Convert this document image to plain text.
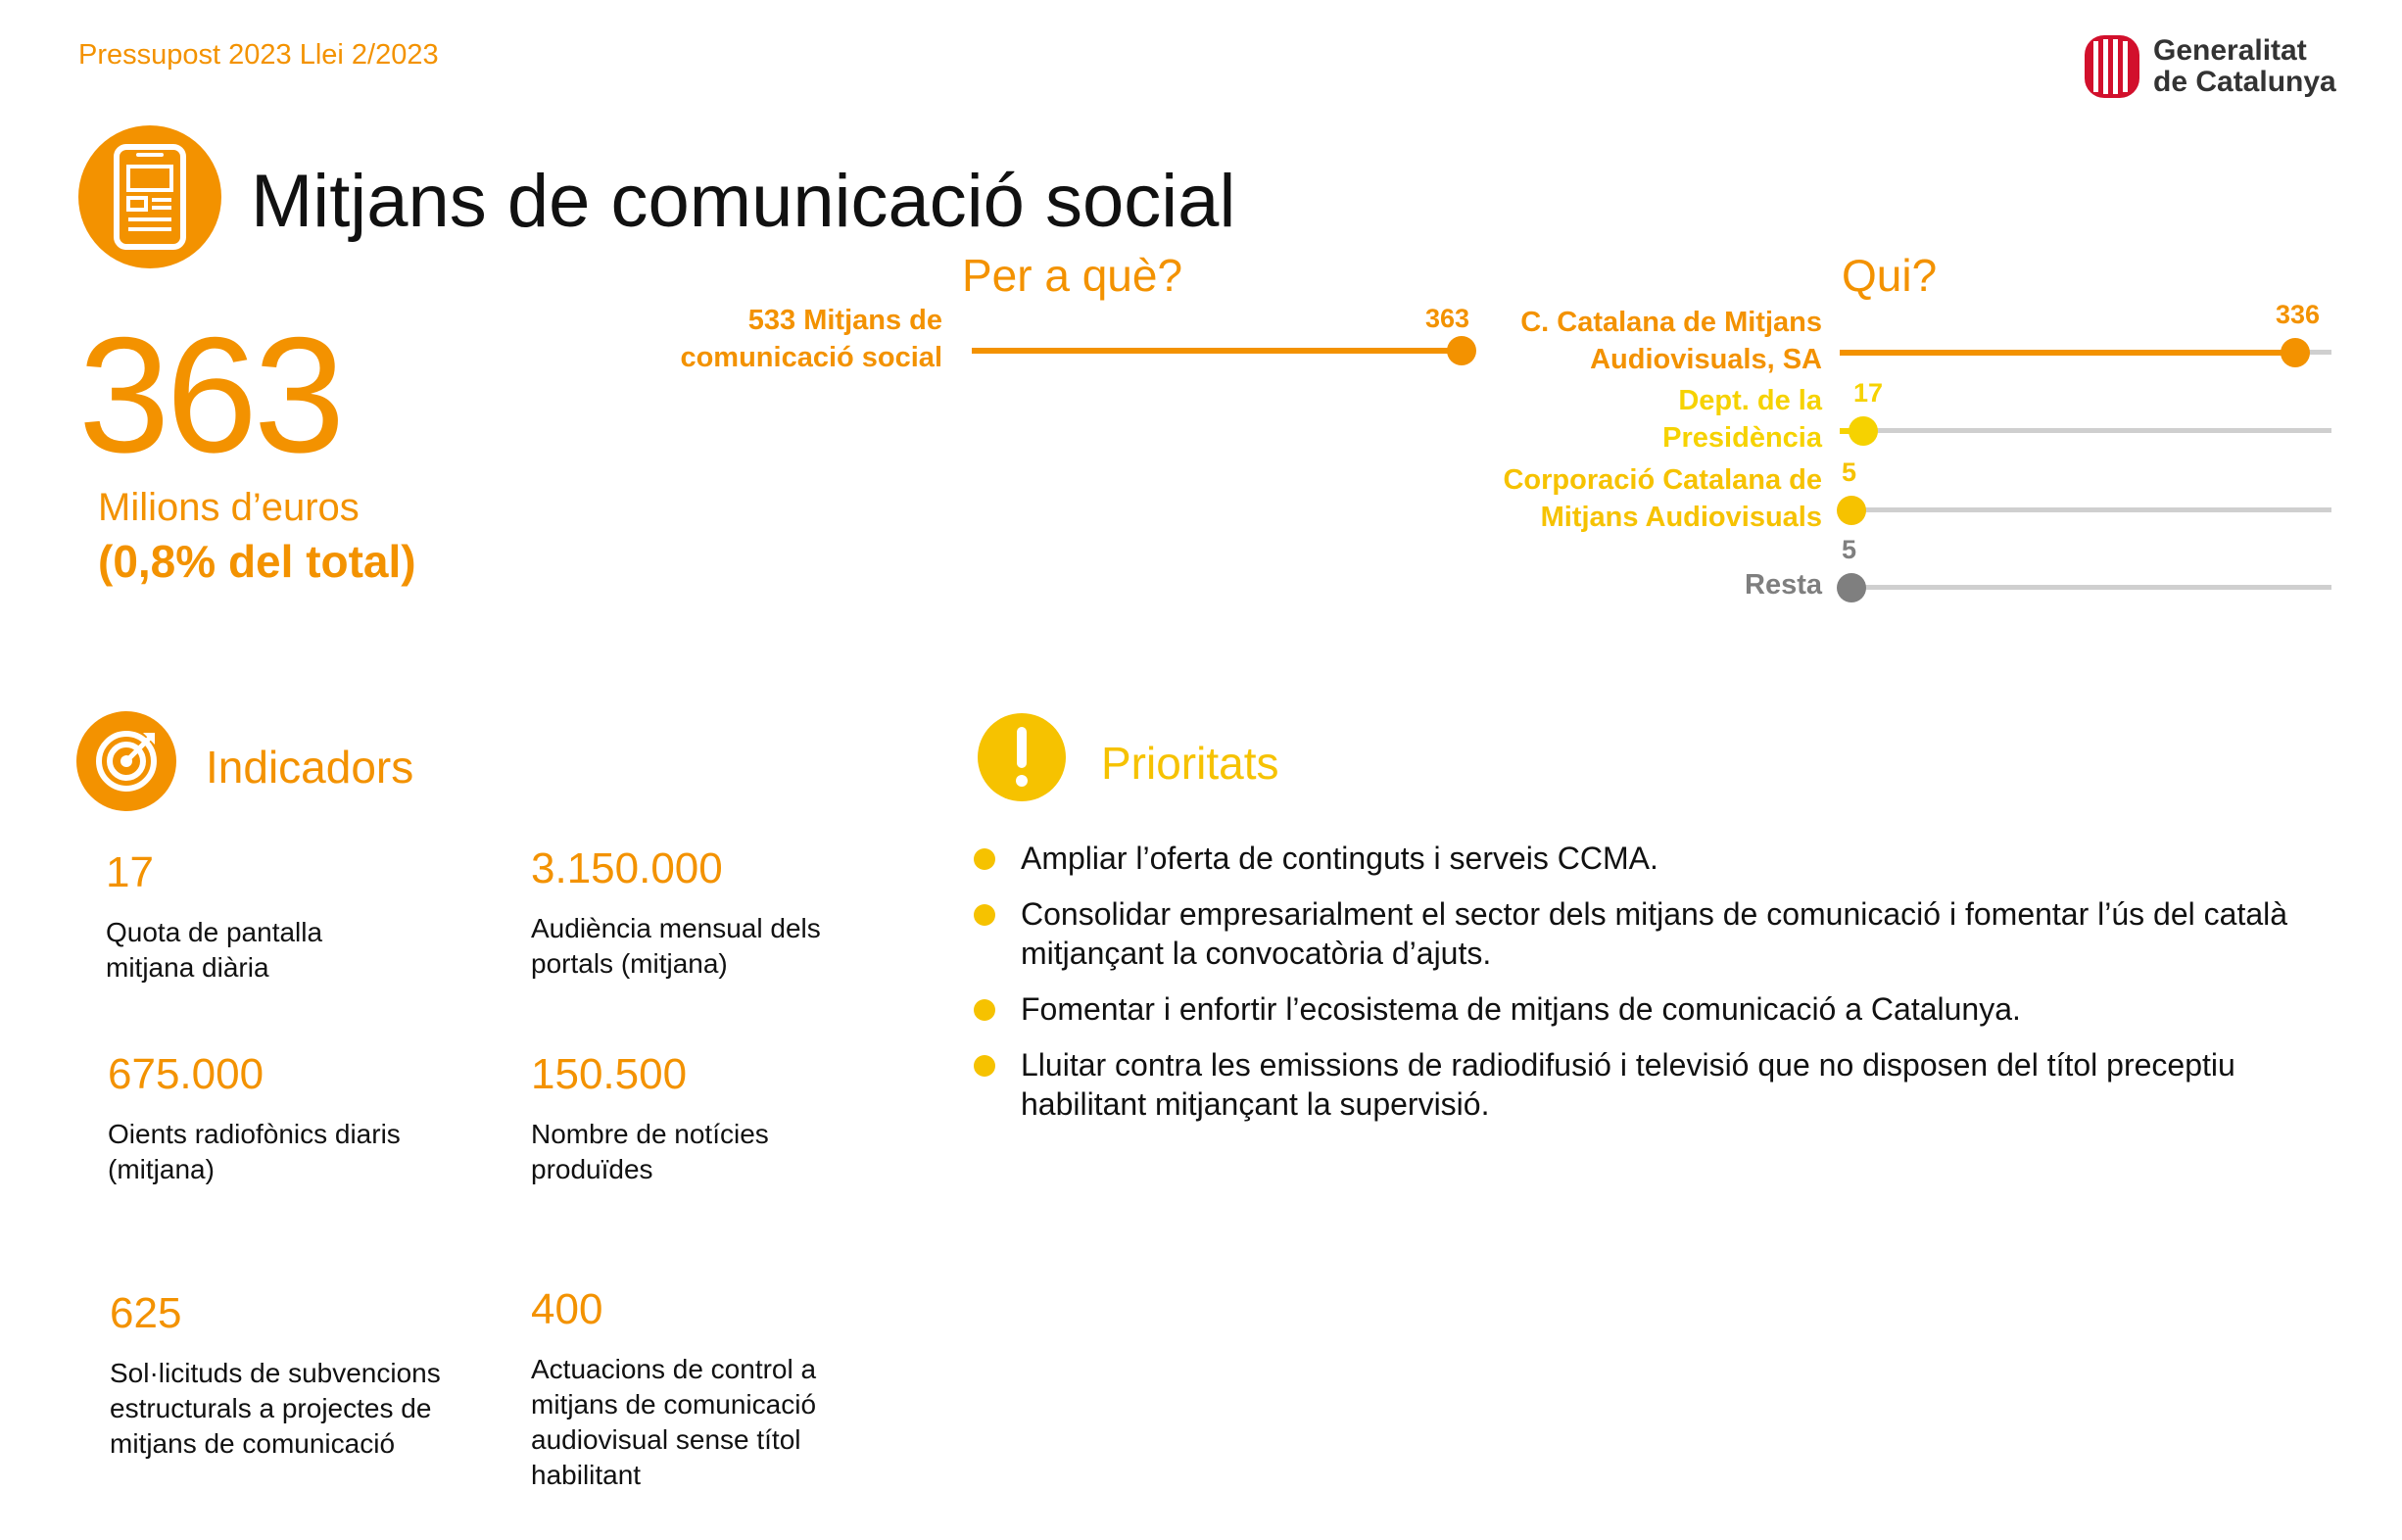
Pressupost 2023 Llei 2/2023	Generalitat
de Catalunya
Mitjans de comunicació social
363
Milions d’euros
(0,8% del total)
Per a què?	Qui?
533 Mitjans de
comunicació social
363	C. Catalana de Mitjans
Audiovisuals, SA
336
Dept. de la
Presidència
17
Corporació Catalana de
Mitjans Audiovisuals
5
Resta
5
Indicadors
17
Quota de pantalla mitjana diària
3.150.000
Audiència mensual dels portals (mitjana)
675.000
Oients radiofònics diaris (mitjana)
150.500
Nombre de notícies produïdes
625
Sol·licituds de subvencions estructurals a projectes de mitjans de comunicació
400
Actuacions de control a mitjans de comunicació audiovisual sense títol habilitant
Prioritats
Ampliar l’oferta de continguts i serveis CCMA.
Consolidar empresarialment el sector dels mitjans de comunicació i fomentar l’ús del català mitjançant la convocatòria d’ajuts.
Fomentar i enfortir l’ecosistema de mitjans de comunicació a Catalunya.
Lluitar contra les emissions de radiodifusió i televisió que no disposen del títol preceptiu habilitant mitjançant la supervisió.
